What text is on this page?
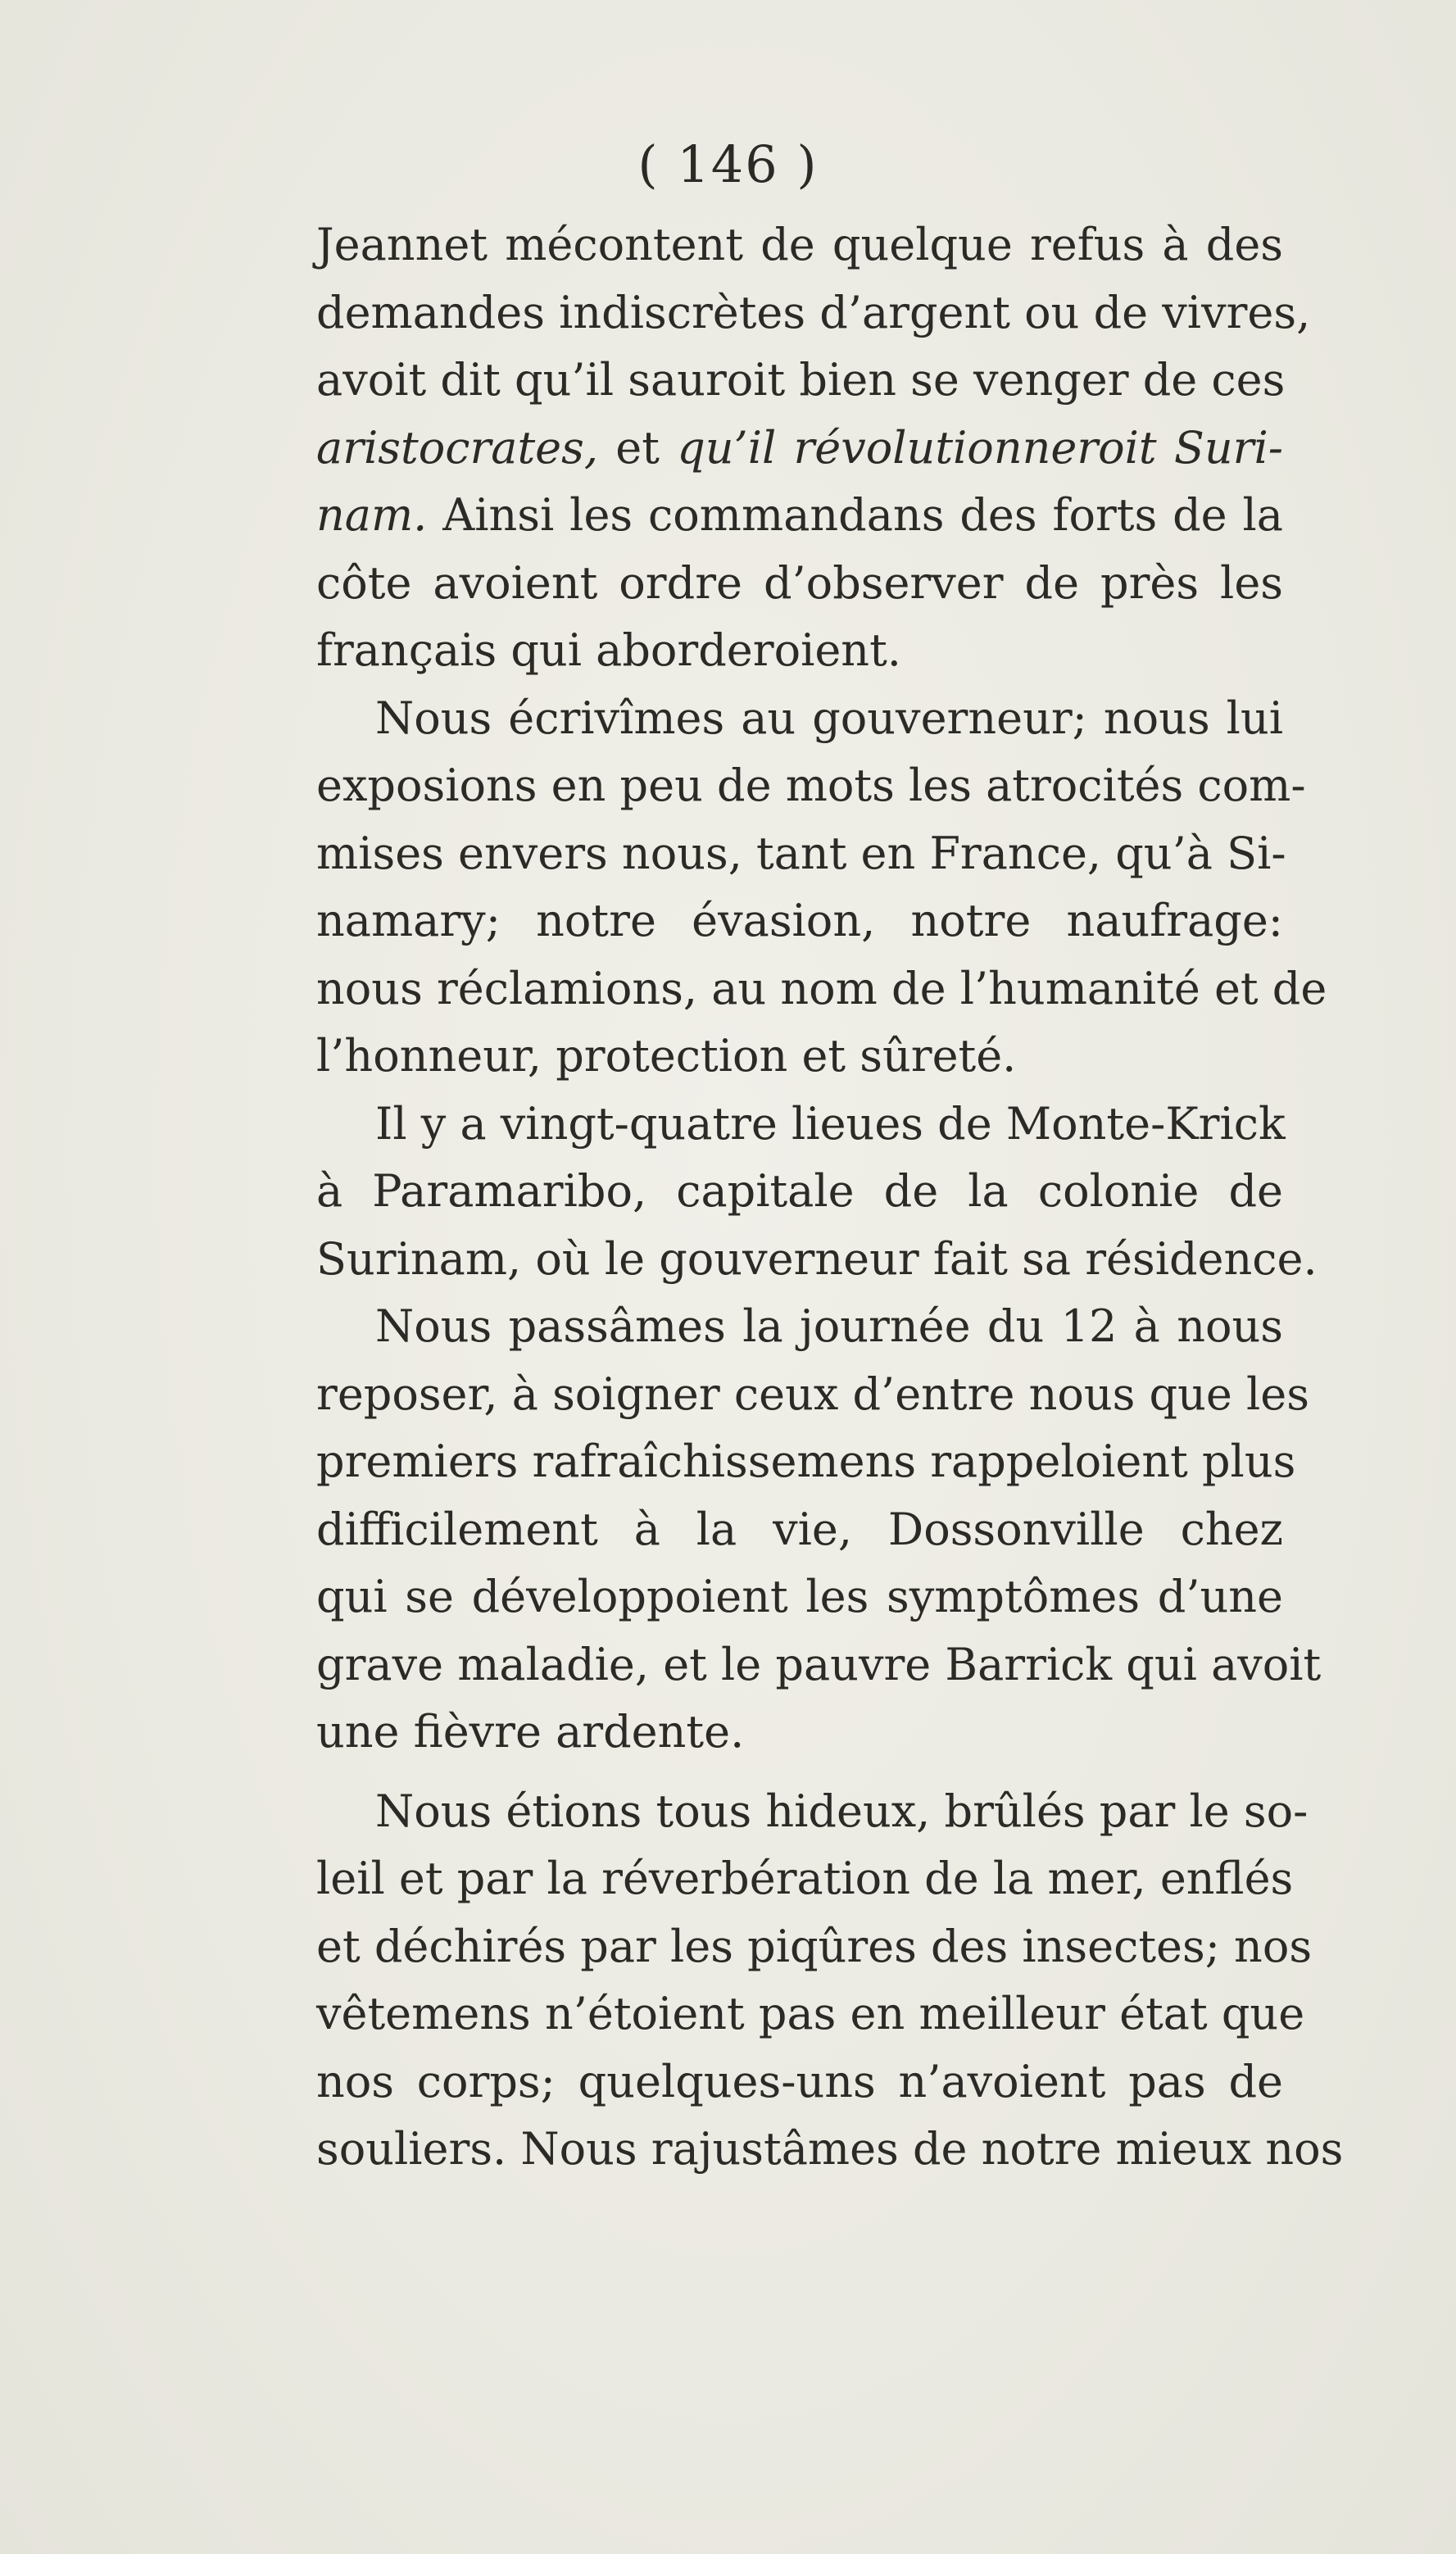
( 146 )
Jeannet mécontent de quelque refus à des
demandes indiscrètes d’argent ou de vivres,
avoit dit qu’il sauroit bien se venger de ces
aristocrates, et qu’il révolutionneroit Suri-
nam. Ainsi les commandans des forts de la
côte avoient ordre d’observer de près les
français qui aborderoient.
Nous écrivîmes au gouverneur; nous lui
exposions en peu de mots les atrocités com-
mises envers nous, tant en France, qu’à Si-
namary; notre évasion, notre naufrage:
nous réclamions, au nom de l’humanité et de
l’honneur, protection et sûreté.
Il y a vingt-quatre lieues de Monte-Krick
à Paramaribo, capitale de la colonie de
Surinam, où le gouverneur fait sa résidence.
Nous passâmes la journée du 12 à nous
reposer, à soigner ceux d’entre nous que les
premiers rafraîchissemens rappeloient plus
difficilement à la vie, Dossonville chez
qui se développoient les symptômes d’une
grave maladie, et le pauvre Barrick qui avoit
une fièvre ardente.
Nous étions tous hideux, brûlés par le so-
leil et par la réverbération de la mer, enflés
et déchirés par les piqûres des insectes; nos
vêtemens n’étoient pas en meilleur état que
nos corps; quelques-uns n’avoient pas de
souliers. Nous rajustâmes de notre mieux nos
